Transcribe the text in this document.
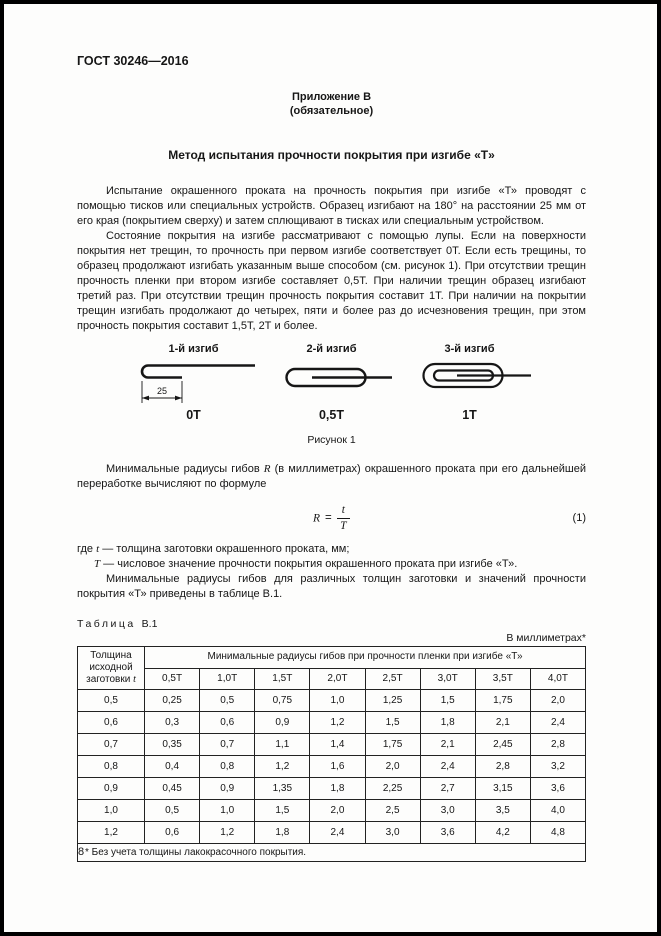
ГОСТ 30246—2016
Приложение В
(обязательное)
Метод испытания прочности покрытия при изгибе «Т»

Испытание окрашенного проката на прочность покрытия при изгибе «Т» проводят с помощью тисков или специальных устройств. Образец изгибают на 180° на расстоянии 25 мм от его края (покрытием сверху) и затем сплющивают в тисках или специальным устройством.

Состояние покрытия на изгибе рассматривают с помощью лупы. Если на поверхности покрытия нет трещин, то прочность при первом изгибе соответствует 0Т. Если есть трещины, то образец продолжают изгибать указанным выше способом (см. рисунок 1). При отсутствии трещин прочность пленки при втором изгибе составляет 0,5Т. При наличии трещин образец изгибают третий раз. При отсутствии трещин прочность покрытия составит 1Т. При наличии на покрытии трещин изгибать продолжают до четырех, пяти и более раз до исчезновения трещин, при этом прочность покрытия составит 1,5Т, 2Т и более.

1-й изгиб
25
0Т
2-й изгиб
0,5Т
3-й изгиб
1Т
Рисунок 1

Минимальные радиусы гибов R (в миллиметрах) окрашенного проката при его дальнейшей переработке вычисляют по формуле

$R = \frac{t}{T}$	(1)
где t — толщина заготовки окрашенного проката, мм;
Т — числовое значение прочности покрытия окрашенного проката при изгибе «Т».

Минимальные радиусы гибов для различных толщин заготовки и значений прочности покрытия «Т» приведены в таблице В.1.

Таблица В.1
В миллиметрах*
Толщина исходной заготовки t	Минимальные радиусы гибов при прочности пленки при изгибе «Т»							
	0,5Т	1,0Т	1,5Т	2,0Т	2,5Т	3,0Т	3,5Т	4,0Т
0,5	0,25	0,5	0,75	1,0	1,25	1,5	1,75	2,0
0,6	0,3	0,6	0,9	1,2	1,5	1,8	2,1	2,4
0,7	0,35	0,7	1,1	1,4	1,75	2,1	2,45	2,8
0,8	0,4	0,8	1,2	1,6	2,0	2,4	2,8	3,2
0,9	0,45	0,9	1,35	1,8	2,25	2,7	3,15	3,6
1,0	0,5	1,0	1,5	2,0	2,5	3,0	3,5	4,0
1,2	0,6	1,2	1,8	2,4	3,0	3,6	4,2	4,8
* Без учета толщины лакокрасочного покрытия.								
8
